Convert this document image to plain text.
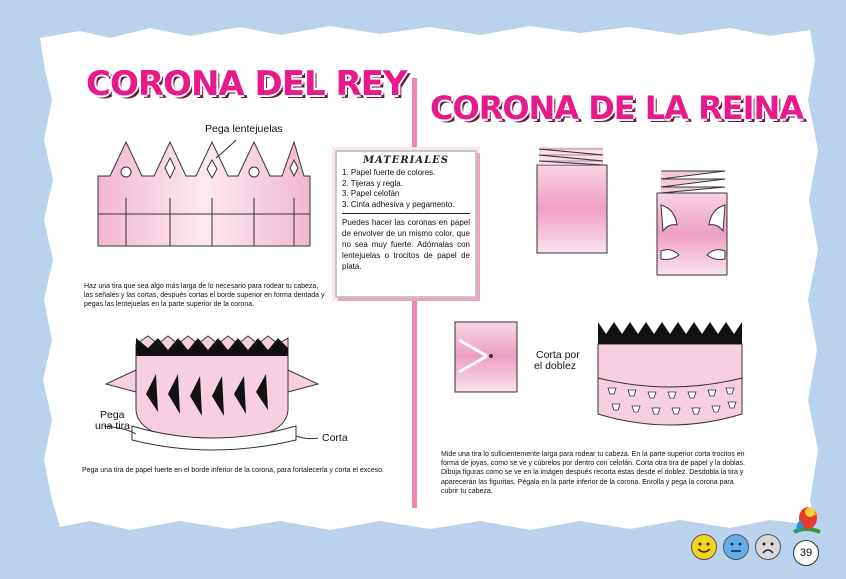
CORONA DEL REY
CORONA DE LA REINA
Pega lentejuelas
Haz una tira que sea algo más larga de lo necesario para rodear tu cabeza, las señales y las cortas, después cortas el borde superior en forma dentada y pegas las lentejuelas en la parte superior de la corona.
Pega
una tira
Corta
Pega una tira de papel fuerte en el borde inferior de la corona, para fortalecerla y corta el exceso.
MATERIALES
1. Papel fuerte de colores.
2. Tijeras y regla.
3. Papel celofán
3. Cinta adhesiva y pegamento.
Puedes hacer las coronas en papel de envolver de un mismo color, que no sea muy fuerte. Adórnalas con lentejuelas o trocitos de papel de plata.
Corta por
el doblez
Mide una tira lo suficientemente larga para rodear tu cabeza. En la parte superior corta trocitos en forma de joyas, como se ve y cúbrelos por dentro con celofán. Corta otra tira de papel y la doblas. Dibuja figuras como se ve en la imágen después recorta éstas desde el doblez. Desdobla la tira y aparecerán las figuritas. Pégala en la parte inferior de la corona. Enrolla y pega la corona para cubrir tu cabeza.
39
